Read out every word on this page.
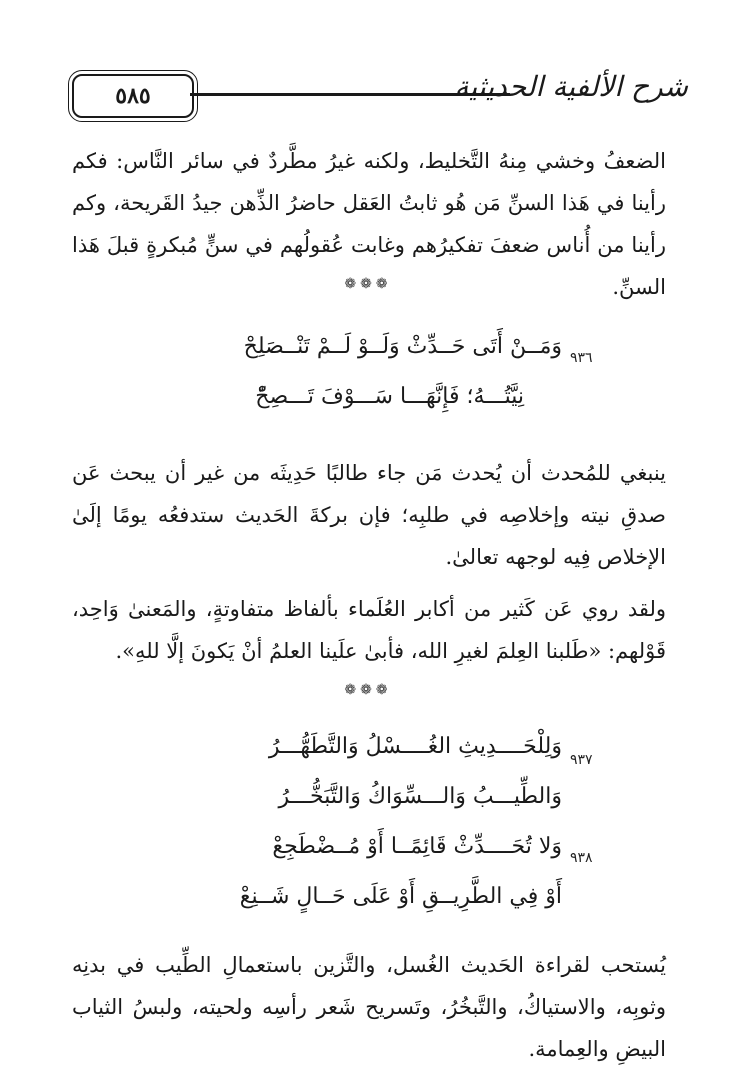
٥٨٥	شرح الألفية الحديثية
الضعفُ وخشي مِنهُ التَّخليط، ولكنه غيرُ مطَّردٌ في سائر النَّاس: فكم رأينا في هَذا السنِّ مَن هُو ثابتُ العَقل حاضرُ الذِّهن جيدُ القَريحة، وكم رأينا من أُناس ضعفَ تفكيرُهم وغابت عُقولُهم في سنٍّ مُبكرةٍ قبلَ هَذا السنِّ.
❁❁❁
٩٣٦
وَمَــنْ أَتَى حَــدِّثْ وَلَــوْ لَــمْ تَنْــصَلِحْ
نِيَّتُـــهُ؛ فَإِنَّهَـــا سَـــوْفَ تَـــصِحّْ
ينبغي للمُحدث أن يُحدث مَن جاء طالبًا حَدِيثَه من غير أن يبحث عَن صدقِ نيته وإخلاصِه في طلبِه؛ فإن بركةَ الحَديث ستدفعُه يومًا إلَىٰ الإخلاص فِيه لوجهه تعالىٰ.
ولقد روي عَن كَثير من أكابر العُلَماء بألفاظ متفاوتةٍ، والمَعنىٰ وَاحِد، قَوْلهم: «طَلبنا العِلمَ لغيرِ الله، فأبىٰ علَينا العلمُ أنْ يَكونَ إلَّا للهِ».
❁❁❁
٩٣٧
وَلِلْحَــــدِيثِ الغُــــسْلُ وَالتَّطَهُّـــرُ
وَالطِّيـــبُ وَالـــسِّوَاكُ وَالتَّبَخُّـــرُ
٩٣٨
وَلا تُحَــــدِّثْ قَائِمًــا أَوْ مُــضْطَجِعْ
أَوْ فِي الطَّرِيــقِ أَوْ عَلَى حَــالٍ شَــنِعْ
يُستحب لقراءة الحَديث الغُسل، والتَّزين باستعمالِ الطِّيب في بدنِه وثوبِه، والاستياكُ، والتَّبخُرُ، وتَسريح شَعر رأسِه ولحيته، ولبسُ الثياب البيضِ والعِمامة.
